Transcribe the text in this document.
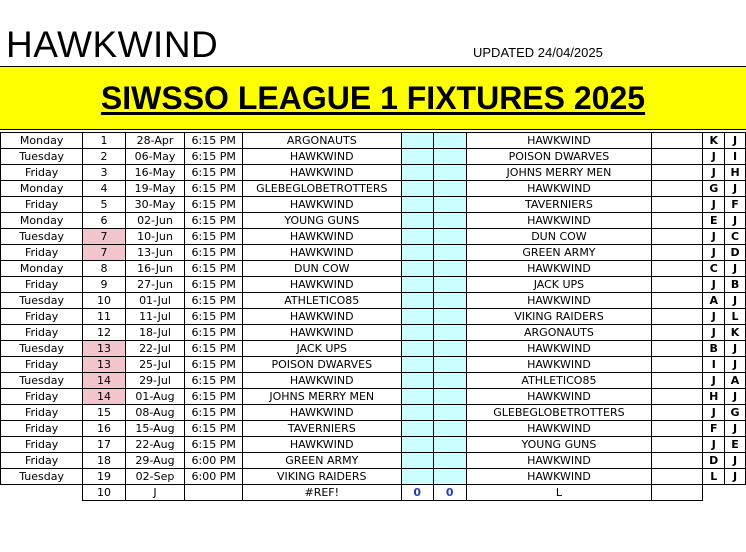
HAWKWIND	UPDATED 24/04/2025
SIWSSO LEAGUE 1 FIXTURES 2025
Monday	1	28-Apr	6:15 PM	ARGONAUTS			HAWKWIND		K	J
Tuesday	2	06-May	6:15 PM	HAWKWIND			POISON DWARVES		J	I
Friday	3	16-May	6:15 PM	HAWKWIND			JOHNS MERRY MEN		J	H
Monday	4	19-May	6:15 PM	GLEBEGLOBETROTTERS			HAWKWIND		G	J
Friday	5	30-May	6:15 PM	HAWKWIND			TAVERNIERS		J	F
Monday	6	02-Jun	6:15 PM	YOUNG GUNS			HAWKWIND		E	J
Tuesday	7	10-Jun	6:15 PM	HAWKWIND			DUN COW		J	C
Friday	7	13-Jun	6:15 PM	HAWKWIND			GREEN ARMY		J	D
Monday	8	16-Jun	6:15 PM	DUN COW			HAWKWIND		C	J
Friday	9	27-Jun	6:15 PM	HAWKWIND			JACK UPS		J	B
Tuesday	10	01-Jul	6:15 PM	ATHLETICO85			HAWKWIND		A	J
Friday	11	11-Jul	6:15 PM	HAWKWIND			VIKING RAIDERS		J	L
Friday	12	18-Jul	6:15 PM	HAWKWIND			ARGONAUTS		J	K
Tuesday	13	22-Jul	6:15 PM	JACK UPS			HAWKWIND		B	J
Friday	13	25-Jul	6:15 PM	POISON DWARVES			HAWKWIND		I	J
Tuesday	14	29-Jul	6:15 PM	HAWKWIND			ATHLETICO85		J	A
Friday	14	01-Aug	6:15 PM	JOHNS MERRY MEN			HAWKWIND		H	J
Friday	15	08-Aug	6:15 PM	HAWKWIND			GLEBEGLOBETROTTERS		J	G
Friday	16	15-Aug	6:15 PM	TAVERNIERS			HAWKWIND		F	J
Friday	17	22-Aug	6:15 PM	HAWKWIND			YOUNG GUNS		J	E
Friday	18	29-Aug	6:00 PM	GREEN ARMY			HAWKWIND		D	J
Tuesday	19	02-Sep	6:00 PM	VIKING RAIDERS			HAWKWIND		L	J
	10	J		#REF!	0	0	L			
